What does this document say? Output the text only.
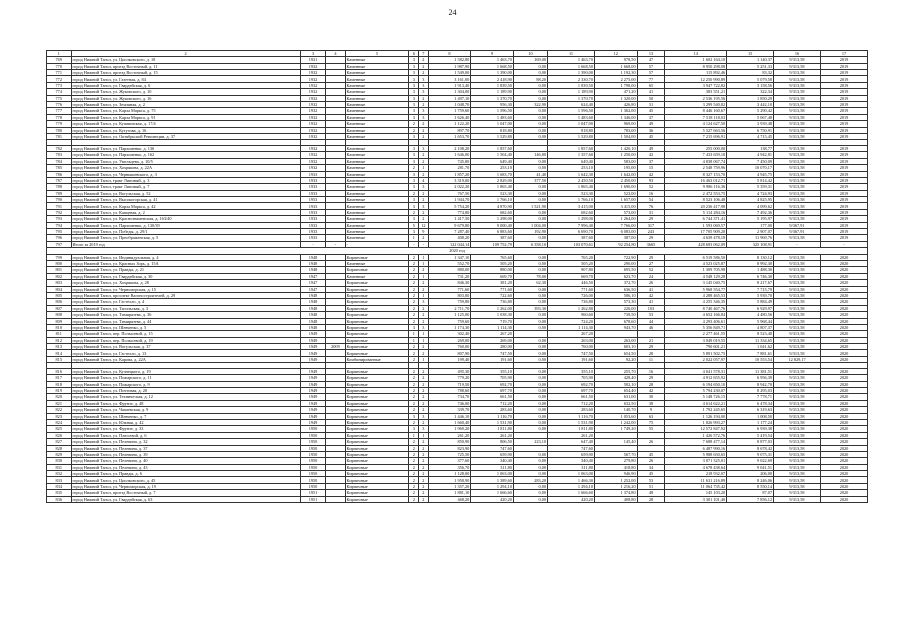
24
1	2	3	4	5	6	7	8	9	10	11	12	13	14	15	16	17
769	город Нижний Тагил, ул. Циолковского, д. 18	1931		Каменные	3	2	1 582,80	1 463,70	169,00	1 463,70	978,50	47	1 602 164,10	1 140,37	9/313,58	2019
770	город Нижний Тагил, проезд Восточный, д. 11	1932		Каменные	3	2	1 987,90	1 668,50	0,00	1 668,50	1 668,00	57	8 950 298,08	5 251,33	9/313,58	2019
771	город Нижний Тагил, проезд Восточный, д. 15	1932		Каменные	3	2	1 549,00	1 390,00	0,00	1 390,00	1 192,30	57	115 892,46	83,32	9/313,58	2019
772	город Нижний Тагил, ул. Газетная, д. 84	1932		Каменные	3	3	3 161,00	2 418,90	88,20	2 330,70	2 275,00	77	12 250 990,89	5 079,58	9/313,58	2019
773	город Нижний Тагил, ул. Гвардейская, д. 6	1932		Каменные	3	3	1 913,40	1 839,50	0,00	1 839,50	1 798,00	65	3 947 722,82	3 158,56	9/313,58	2019
774	город Нижний Тагил, ул. Жуковского, д. 10	1932		Каменные	3	3	1 304,00	1 189,90	0,00	1 189,90	471,20	41	383 551,21	322,34	9/313,58	2019
775	город Нижний Тагил, ул. Жуковского, д. 16	1932		Каменные	3	2	1 497,10	1 370,70	0,00	1 370,70	1 320,00	50	2 536 195,56	1 850,29	9/313,58	2019
776	город Нижний Тагил, ул. Земляная, д. 2	1932		Каменные	3	2	1 048,70	956,30	322,90	624,40	426,80	31	3 299 540,82	3 442,10	9/313,58	2019
777	город Нижний Тагил, ул. Карла Маркса, д. 75	1932		Каменные	3	3	1 759,60	1 596,50	0,00	1 596,50	1 362,00	45	8 446 160,67	5 290,42	9/313,58	2019
778	город Нижний Тагил, ул. Карла Маркса, д. 91	1932		Каменные	3	3	1 626,40	1 483,60	0,00	1 483,60	1 346,00	37	7 518 118,03	5 067,48	9/313,58	2019
779	город Нижний Тагил, ул. Кушвинская, д. 17/4	1932		Каменные	2	2	1 122,20	1 047,00	0,00	1 047,00	969,00	49	4 124 627,50	3 939,48	9/313,58	2019
780	город Нижний Тагил, ул. Кутузова, д. 16	1932		Каменные	2	2	897,70	818,80	0,00	818,80	783,00	36	5 527 663,56	6 750,91	9/313,58	2019
781	город Нижний Тагил, ул. Октябрьской Революции, д. 37	1932		Каменные	3	2	1 653,70	1 529,80	0,00	1 529,80	1 504,00	45	7 215 696,91	4 715,45	9/313,58	2019

782	город Нижний Тагил, ул. Пархоменко, д. 136	1932		Каменные	3	3	2 108,20	1 857,60		1 857,60	1 420,10	49	255 000,00	138,77	9/313,58	2019
783	город Нижний Тагил, ул. Пархоменко, д. 162	1932		Каменные	3	2	1 646,00	1 504,40	146,80	1 357,60	1 250,00	42	7 433 659,10	4 942,81	9/313,58	2019
784	город Нижний Тагил, ул. Умельцева, д. 10/5	1932		Каменные	3	2	745,80	649,40	0,00	649,40	583,00	37	4 838 067,74	7 450,09	9/313,58	2019
785	город Нижний Тагил, ул. Хохрякова, д. 22А	1932		Каменные	2	1	281,70	253,10	0,00	253,10	195,00	15	2 548 759,96	10 070,17	9/313,58	2019
786	город Нижний Тагил, ул. Чернышевского, д. 3	1933		Каменные	3	2	1 857,20	1 683,70	41,40	1 642,30	1 642,00	42	8 327 153,70	4 945,75	9/313,58	2019
787	город Нижний Тагил, тракт Липовый, д. 3	1933		Каменные	3	4	3 319,00	2 829,00	377,50	2 450,50	2 450,00	93	16 463 012,71	5 814,42	9/313,58	2019
788	город Нижний Тагил, тракт Липовый, д. 7	1933		Каменные	3	3	2 022,20	1 865,40	0,00	1 865,40	1 690,00	52	9 986 116,36	5 359,31	9/313,58	2019
789	город Нижний Тагил, ул. Вогульская, д. 52	1933		Каменные	2	2	767,50	523,30	0,00	523,30	523,00	16	2 472 553,75	4 724,93	9/313,58	2019
790	город Нижний Тагил, ул. Высокогорская, д. 41	1953		Каменные	3	2	1 944,70	1 766,10	0,00	1 766,10	1 657,00	54	8 523 106,48	4 825,95	9/313,58	2019
791	город Нижний Тагил, ул. Карла Маркса, д. 42	1933		Каменные	3	3	5 754,20	4 870,90	1 521,90	3 415,00	3 415,00	76	20 236 417,98	4 099,62	9/313,58	2019
792	город Нижний Тагил, ул. Капцевая, д. 2	1933		Каменные	2	2	774,80	682,60	0,00	682,60	573,00	31	5 114 284,16	7 492,36	9/313,58	2019
793	город Нижний Тагил, ул. Краснознаменская, д. 163/40	1933		Каменные	3	2	1 417,50	1 298,00	0,00	1 298,00	1 264,00	29	6 744 371,41	5 195,97	9/313,58	2019
794	город Нижний Тагил, ул. Пархоменко, д. 130/39	1933		Каменные	5	12	9 679,80	9 000,40	1 004,00	7 996,40	7 766,00	317	1 593 069,57	177,00	9/367,91	2019
795	город Нижний Тагил, ул. Победы, д. 29/1	1933		Каменные	3	9	7 287,40	6 883,60	192,90	6 690,70	6 083,00	243	17 705 909,20	2 907,07	9/367,91	2019
796	город Нижний Тагил, ул. Преображенская, д. 5	1933		Каменные	1	2	408,20	387,60	0,00	387,60	387,00	29	4 639 478,18	11 969,76	9/313,58	2019
797	Итого за 2019 год	-	-	-	-	-	122 044,14	109 752,79	6 358,10	103 070,61	92 254,80	3665	428 693 062,09	325 108,91	-	-
2020 год																
799	город Нижний Тагил, ул. Индивидуальная, д. 4	1948		Кирпичные	2	1	1 347,10	765,60	0,00	765,20	722,90	29	6 519 586,50	8 130,12	9/313,58	2020
800	город Нижний Тагил, ул. Красных Зорь, д. 15А	1948		Каменные	2	1	552,70	505,20	0,00	505,20	290,00	27	4 523 025,87	8 992,30	9/313,58	2020
801	город Нижний Тагил, ул. Правды, д. 21	1948		Кирпичные	2	2	880,00	880,00	0,00	907,80	695,50	52	1 309 705,98	1 488,30	9/313,58	2020
802	город Нижний Тагил, ул. Гвардейская, д. 30	1947		Каменные	2	1	731,20	669,70	78,00	669,70	623,70	24	4 548 129,28	6 746,30	9/313,58	2020
803	город Нижний Тагил, ул. Хохрякова, д. 28	1947		Кирпичные	2	2	846,30	381,20	62,30	446,50	372,70	26	3 145 040,75	8 217,67	9/313,58	2020
804	город Нижний Тагил, ул. Черноморская, д. 15	1947		Кирпичные	2	2	771,60	771,60	0,00	771,60	636,50	41	5 968 554,77	7 715,79	9/313,58	2020
805	город Нижний Тагил, проспект Вагоностроителей, д. 29	1948		Кирпичные	2	1	803,80	722,60	0,00	726,00	586,10	42	4 288 465,53	5 939,70	9/313,58	2020
806	город Нижний Тагил, ул. Гастелло, д. 4	1948		Кирпичные	2	3	759,80	736,80	0,00	736,80	573,30	41	4 255 346,35	5 884,49	9/313,58	2020
807	город Нижний Тагил, ул. Тагильская, д. 3	1948		Кирпичные	2	2	2 711,70	1 262,00	393,30	1 262,80	226,00	103	8 740 467,76	6 929,97	9/313,58	2020
808	город Нижний Тагил, ул. Тимирязева, д. 36	1948		Кирпичные	2	2	1 125,00	1 038,30	0,00	960,60	739,50	53	4 652 166,84	4 480,56	9/313,58	2020
809	город Нижний Тагил, ул. Тимирязева, д. 44	1948		Кирпичные	2	2	759,60	719,70	0,00	724,20	678,60	44	4 293 406,61	5 968,44	9/313,58	2020
810	город Нижний Тагил, ул. Шевченко, д. 5	1948		Кирпичные	3	3	1 174,30	1 114,30	0,00	1 114,30	943,70	46	5 356 849,71	4 807,37	9/313,58	2020
811	город Нижний Тагил, пер. Полысевой, д. 15	1949		Кирпичные	1	1	302,40	267,20		267,20			2 277 461,55	8 523,40	9/313,58	2020
812	город Нижний Тагил, пер. Полысевой, д. 19	1949		Кирпичные	1	1	269,00	269,00	0,00	263,00	263,00	21	3 049 019,55	11 334,65	9/313,58	2020
813	город Нижний Тагил, ул. Вогульская, д. 37	1949	2009	Кирпичные	2	2	760,00	280,00	0,00	760,00	603,10	29	790 601,21	1 041,62	9/313,58	2020
814	город Нижний Тагил, ул. Гастелло, д. 13	1949		Кирпичные	2	2	807,90	747,50	0,00	747,50	654,50	28	5 891 502,75	7 881,61	9/313,58	2020
815	город Нижний Тагил, ул. Карова, д. 22А	1949		Комбинированные	2	1	199,40	191,60	0,00	191,60	92,20	11	2 022 057,97	10 553,54	12 829,17	2020

816	город Нижний Тагил, ул. Кузнецкого, д. 19	1949		Кирпичные	2	2	495,30	355,10	0,00	355,10	255,70	16	4 041 578,31	11 381,51	9/313,58	2020
817	город Нижний Тагил, ул. Пожарского, д. 11	1949		Кирпичные	2	2	779,20	705,90	0,00	705,90	428,40	29	4 912 655,92	6 956,39	9/313,58	2020
818	город Нижний Тагил, ул. Пожарского, д. 9	1949		Кирпичные	2	2	719,50	692,70	0,00	692,70	582,10	28	6 194 650,10	8 942,70	9/313,58	2020
819	город Нижний Тагил, ул. Почтовая, д. 20	1949		Кирпичные	2	2	788,60	697,70	0,00	697,70	654,40	42	5 794 230,07	8 295,03	9/313,58	2020
820	город Нижний Тагил, ул. Техническая, д. 12	1949		Кирпичные	2	2	734,70	661,50	0,00	661,50	631,00	30	5 148 726,15	7 778,71	9/313,58	2020
821	город Нижний Тагил, ул. Фрунзе, д. 48	1949		Кирпичные	2	2	746,00	712,20	0,00	712,20	632,50	38	4 614 622,21	6 478,34	9/313,58	2020
822	город Нижний Тагил, ул. Чапаевская, д. 9	1949		Кирпичные	2	2	339,70	283,60	0,00	283,60	140,70	9	1 792 245,65	6 319,63	9/313,58	2020
823	город Нижний Тагил, ул. Шевченко, д. 7	1949		Кирпичные	3	3	1 446,10	1 116,70	0,00	1 116,70	1 053,60	63	1 126 194,00	1 008,50	9/313,58	2020
824	город Нижний Тагил, ул. Южная, д. 42	1949		Кирпичные	2	2	1 660,40	1 531,90	0,00	1 531,90	1 242,00	75	1 826 993,27	1 177,24	9/313,58	2020
825	город Нижний Тагил, ул. Фрунзе, д. 33	1950		Кирпичные	3	3	1 969,20	1 811,80	0,00	1 811,80	1 749,20	55	12 572 847,92	6 939,38	9/313,58	2020
826	город Нижний Тагил, ул. Плюсевой, д. 6	1950		Кирпичные	1	1	261,20	261,20		261,20			1 426 572,76	5 419,54	9/313,58	2020
827	город Нижний Тагил, ул. Пелевина, д. 32	1950		Кирпичные	2	2	850,90	806,50	223,10	647,40	145,40	26	7 688 477,14	8 877,03	9/313,58	2020
828	город Нижний Тагил, ул. Пелевина, д. 37	1950		Кирпичные	2	2	823,90	747,60		747,60			6 487 990,16	8 678,42	9/313,58	2020
829	город Нижний Тагил, ул. Пелевина, д. 39	1950		Кирпичные	2	2	725,50	659,90	0,00	659,90	567,70	45	5 988 650,65	9 075,31	9/313,58	2020
830	город Нижний Тагил, ул. Пелевина, д. 40	1950		Кирпичные	2	2	377,60	340,40	0,00	340,40	279,80	26	3 071 325,01	9 022,69	9/313,58	2020
831	город Нижний Тагил, ул. Пелевина, д. 43	1950		Кирпичные	2	2	356,70	311,80	0,00	311,80	418,80	34	4 678 438,64	9 041,51	9/313,58	2020
832	город Нижний Тагил, ул. Правды, д. 6	1950		Кирпичные	2	2	1 128,00	1 063,00	0,00	1 063,00	946,90	45	218 932,07	206,00	9/313,58	2020
833	город Нижний Тагил, ул. Циолковского, д. 45	1950		Кирпичные	2	2	1 958,90	1 389,60	283,20	1 466,30	1 252,00	53	11 631 216,89	8 246,06	9/313,58	2020
834	город Нижний Тагил, ул. Черноморская, д. 19	1950		Кирпичные	2	2	1 357,20	1 294,10	0,00	1 294,10	1 216,20	51	11 064 735,42	8 550,14	9/313,58	2020
835	город Нижний Тагил, проезд Восточный, д. 7	1951		Кирпичные	2	2	1 881,10	1 666,60	0,00	1 666,60	1 374,80	48	145 103,20	87,07	9/313,58	2020
836	город Нижний Тагил, ул. Гвардейская, д. 63	1951		Кирпичные	2	2	468,20	420,20	0,00	420,20	408,80	28	3 301 101,40	7 856,12	9/313,58	2020
